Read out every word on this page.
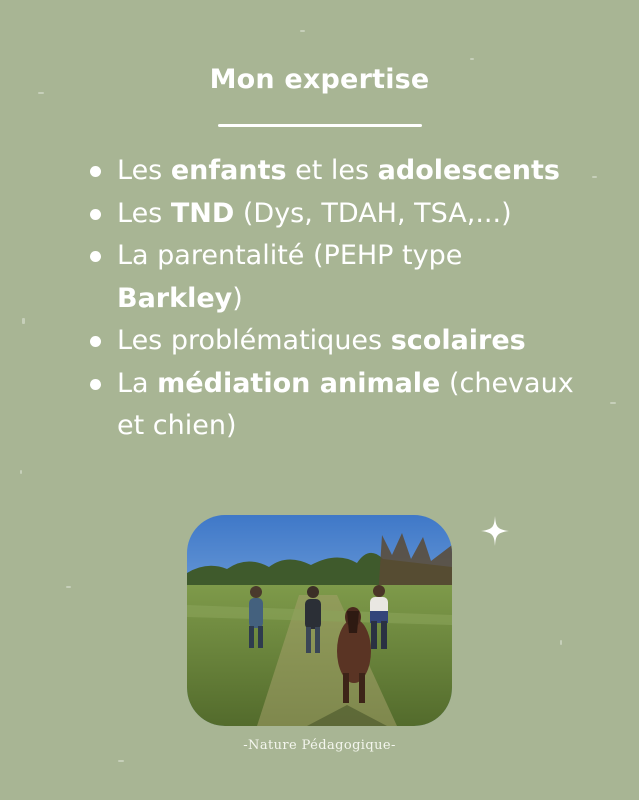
Mon expertise
Les enfants et les adolescents
Les TND (Dys, TDAH, TSA,...)
La parentalité (PEHP type Barkley)
Les problématiques scolaires
La médiation animale (chevaux et chien)
-Nature Pédagogique-
